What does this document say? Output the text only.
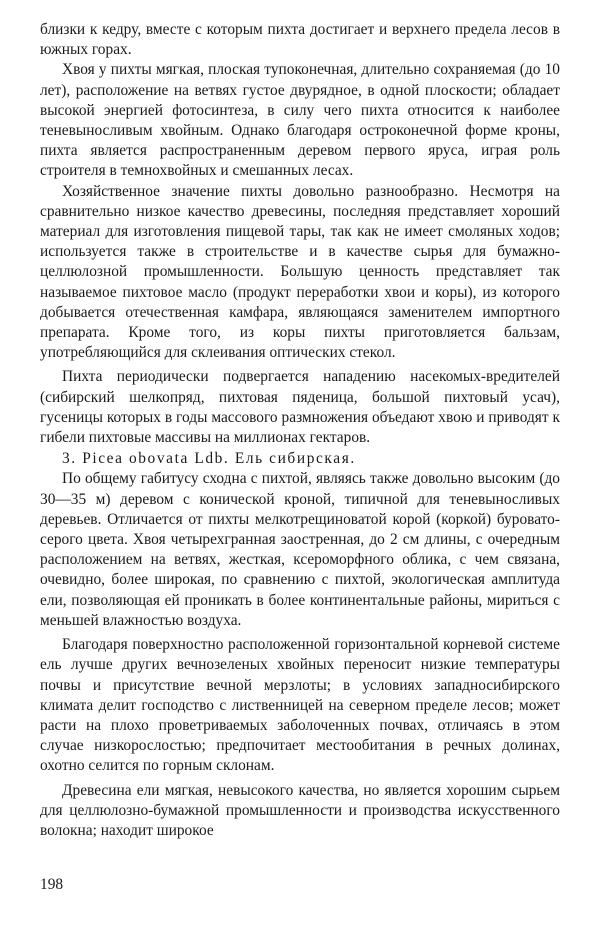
близки к кедру, вместе с которым пихта достигает и верхнего предела лесов в южных горах.

Хвоя у пихты мягкая, плоская тупоконечная, длительно сохраняемая (до 10 лет), расположение на ветвях густое двурядное, в одной плоскости; обладает высокой энергией фотосинтеза, в силу чего пихта относится к наиболее теневыносливым хвойным. Однако благодаря остроконечной форме кроны, пихта является распространенным деревом первого яруса, играя роль строителя в темнохвойных и смешанных лесах.

Хозяйственное значение пихты довольно разнообразно. Несмотря на сравнительно низкое качество древесины, последняя представляет хороший материал для изготовления пищевой тары, так как не имеет смоляных ходов; используется также в строительстве и в качестве сырья для бумажно-целлюлозной промышленности. Большую ценность представляет так называемое пихтовое масло (продукт переработки хвои и коры), из которого добывается отечественная камфара, являющаяся заменителем импортного препарата. Кроме того, из коры пихты приготовляется бальзам, употребляющийся для склеивания оптических стекол.

Пихта периодически подвергается нападению насекомых-вредителей (сибирский шелкопряд, пихтовая пяденица, большой пихтовый усач), гусеницы которых в годы массового размножения объедают хвою и приводят к гибели пихтовые массивы на миллионах гектаров.

3. Picea obovata Ldb. Ель сибирская.

По общему габитусу сходна с пихтой, являясь также довольно высоким (до 30—35 м) деревом с конической кроной, типичной для теневыносливых деревьев. Отличается от пихты мелкотрещиноватой корой (коркой) буровато-серого цвета. Хвоя четырехгранная заостренная, до 2 см длины, с очередным расположением на ветвях, жесткая, ксероморфного облика, с чем связана, очевидно, более широкая, по сравнению с пихтой, экологическая амплитуда ели, позволяющая ей проникать в более континентальные районы, мириться с меньшей влажностью воздуха.

Благодаря поверхностно расположенной горизонтальной корневой системе ель лучше других вечнозеленых хвойных переносит низкие температуры почвы и присутствие вечной мерзлоты; в условиях западносибирского климата делит господство с лиственницей на северном пределе лесов; может расти на плохо проветриваемых заболоченных почвах, отличаясь в этом случае низкорослостью; предпочитает местообитания в речных долинах, охотно селится по горным склонам.

Древесина ели мягкая, невысокого качества, но является хорошим сырьем для целлюлозно-бумажной промышленности и производства искусственного волокна; находит широкое

198
